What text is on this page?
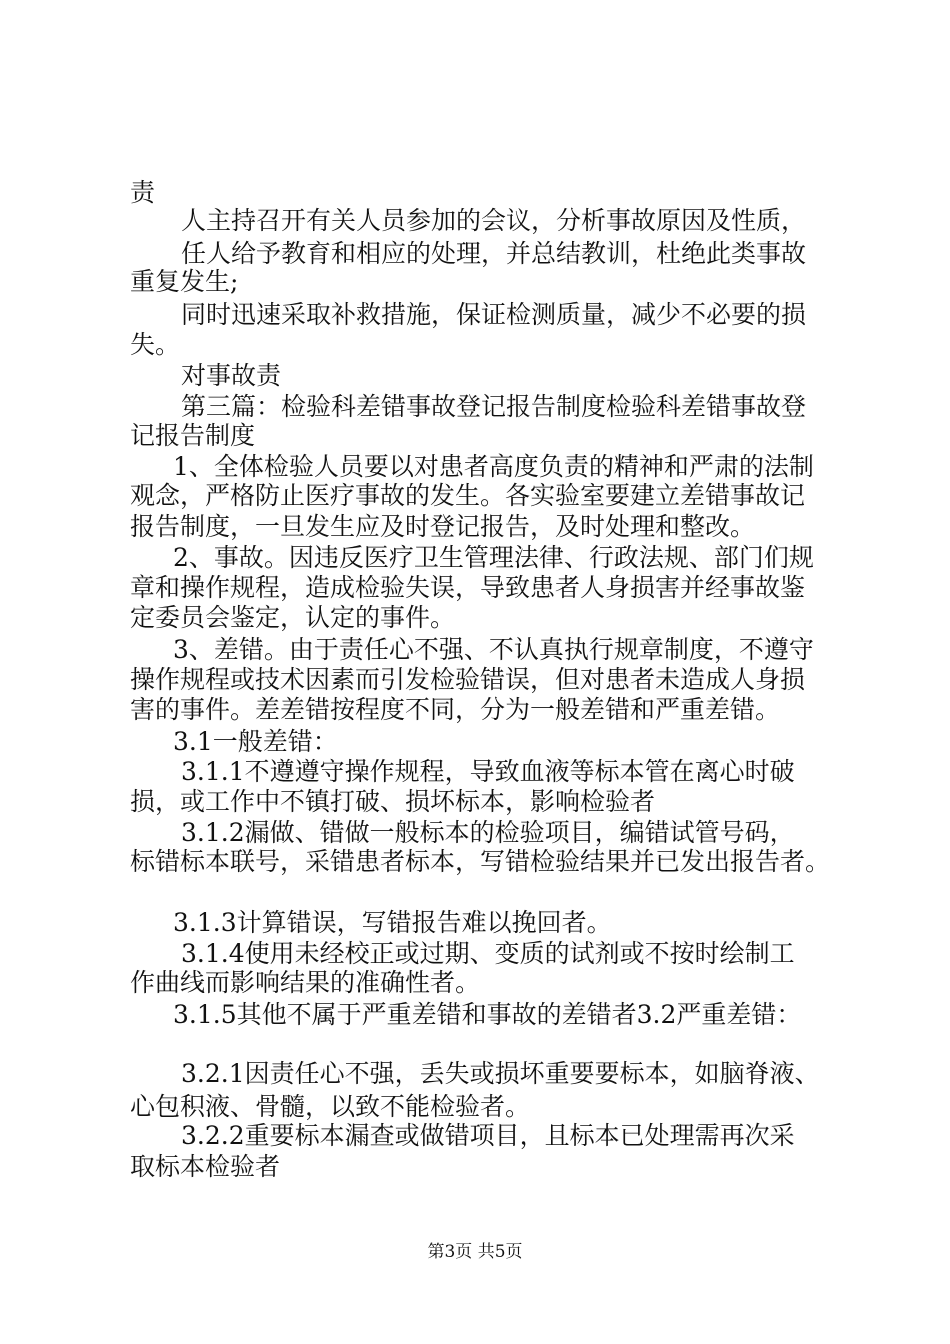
责
人主持召开有关人员参加的会议，分析事故原因及性质，
任人给予教育和相应的处理，并总结教训，杜绝此类事故
重复发生;
同时迅速采取补救措施，保证检测质量，减少不必要的损
失。
对事故责
第三篇：检验科差错事故登记报告制度检验科差错事故登
记报告制度
1、全体检验人员要以对患者高度负责的精神和严肃的法制
观念，严格防止医疗事故的发生。各实验室要建立差错事故记
报告制度，一旦发生应及时登记报告，及时处理和整改。
2、事故。因违反医疗卫生管理法律、行政法规、部门们规
章和操作规程，造成检验失误，导致患者人身损害并经事故鉴
定委员会鉴定，认定的事件。
3、差错。由于责任心不强、不认真执行规章制度，不遵守
操作规程或技术因素而引发检验错误，但对患者未造成人身损
害的事件。差差错按程度不同，分为一般差错和严重差错。
3.1一般差错：
3.1.1不遵遵守操作规程，导致血液等标本管在离心时破
损，或工作中不镇打破、损坏标本，影响检验者
3.1.2漏做、错做一般标本的检验项目，编错试管号码，
标错标本联号，采错患者标本，写错检验结果并已发出报告者。
3.1.3计算错误，写错报告难以挽回者。
3.1.4使用未经校正或过期、变质的试剂或不按时绘制工
作曲线而影响结果的准确性者。
3.1.5其他不属于严重差错和事故的差错者3.2严重差错：
3.2.1因责任心不强，丢失或损坏重要要标本，如脑脊液、
心包积液、骨髓，以致不能检验者。
3.2.2重要标本漏查或做错项目，且标本已处理需再次采
取标本检验者
第3页 共5页
